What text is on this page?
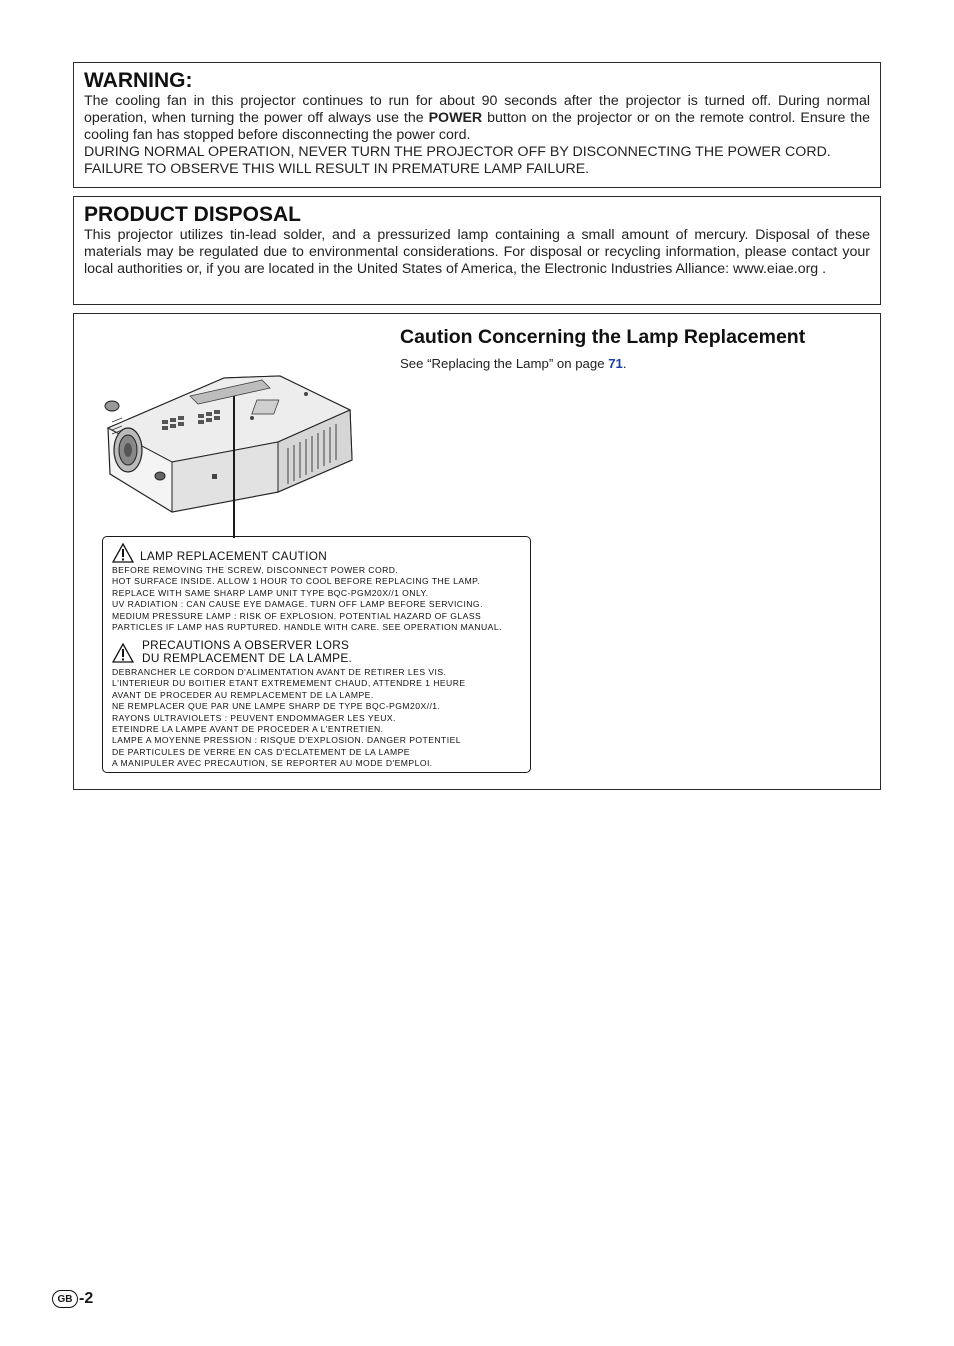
WARNING:

The cooling fan in this projector continues to run for about 90 seconds after the projector is turned off. During normal operation, when turning the power off always use the POWER button on the projector or on the remote control. Ensure the cooling fan has stopped before disconnecting the power cord.

DURING NORMAL OPERATION, NEVER TURN THE PROJECTOR OFF BY DISCONNECTING THE POWER CORD. FAILURE TO OBSERVE THIS WILL RESULT IN PREMATURE LAMP FAILURE.

PRODUCT DISPOSAL

This projector utilizes tin-lead solder, and a pressurized lamp containing a small amount of mercury. Disposal of these materials may be regulated due to environmental considerations. For disposal or recycling information, please contact your local authorities or, if you are located in the United States of America, the Electronic Industries Alliance: www.eiae.org .

Caution Concerning the Lamp Replacement

See “Replacing the Lamp” on page 71.

LAMP REPLACEMENT CAUTION
BEFORE REMOVING THE SCREW, DISCONNECT POWER CORD.
HOT SURFACE INSIDE. ALLOW 1 HOUR TO COOL BEFORE REPLACING THE LAMP.
REPLACE WITH SAME SHARP LAMP UNIT TYPE BQC-PGM20X//1 ONLY.
UV RADIATION : CAN CAUSE EYE DAMAGE. TURN OFF LAMP BEFORE SERVICING.
MEDIUM PRESSURE LAMP : RISK OF EXPLOSION. POTENTIAL HAZARD OF GLASS
PARTICLES IF LAMP HAS RUPTURED. HANDLE WITH CARE. SEE OPERATION MANUAL.
PRECAUTIONS A OBSERVER LORS
DU REMPLACEMENT DE LA LAMPE.
DEBRANCHER LE CORDON D'ALIMENTATION AVANT DE RETIRER LES VIS.
L'INTERIEUR DU BOITIER ETANT EXTREMEMENT CHAUD, ATTENDRE 1 HEURE
AVANT DE PROCEDER AU REMPLACEMENT DE LA LAMPE.
NE REMPLACER QUE PAR UNE LAMPE SHARP DE TYPE BQC-PGM20X//1.
RAYONS ULTRAVIOLETS : PEUVENT ENDOMMAGER LES YEUX.
ETEINDRE LA LAMPE AVANT DE PROCEDER A L'ENTRETIEN.
LAMPE A MOYENNE PRESSION : RISQUE D'EXPLOSION. DANGER POTENTIEL
DE PARTICULES DE VERRE EN CAS D'ECLATEMENT DE LA LAMPE
A MANIPULER AVEC PRECAUTION, SE REPORTER AU MODE D'EMPLOI.
GB -2
